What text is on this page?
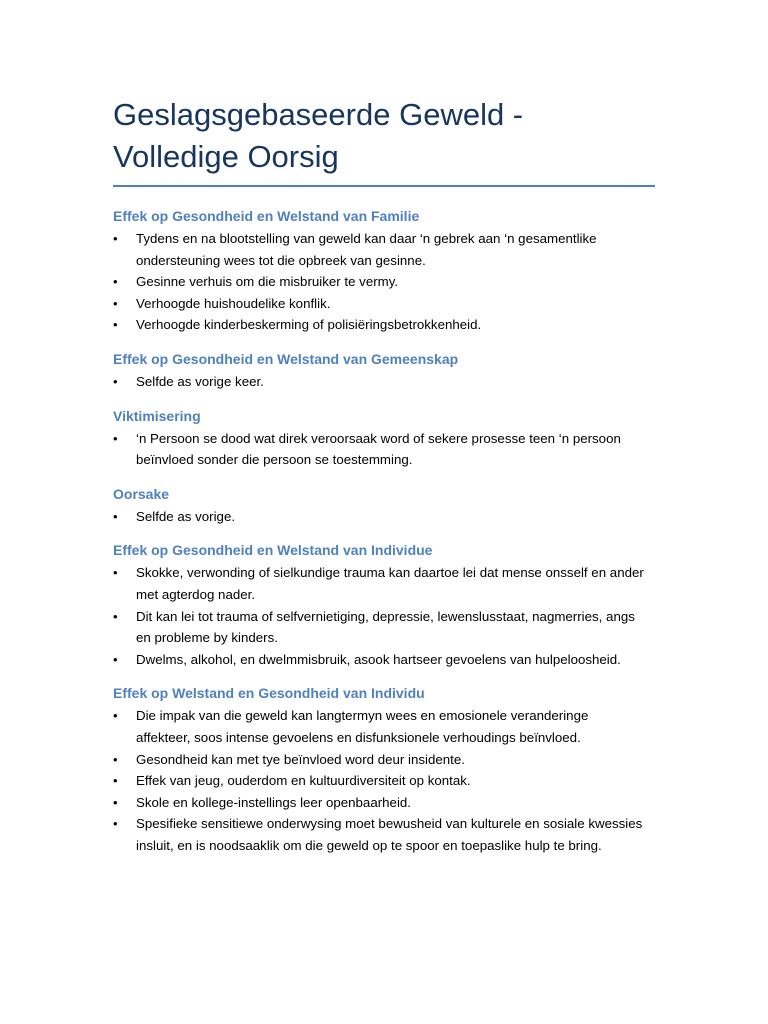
Geslagsgebaseerde Geweld - Volledige Oorsig
Effek op Gesondheid en Welstand van Familie
• Tydens en na blootstelling van geweld kan daar ‘n gebrek aan ‘n gesamentlike ondersteuning wees tot die opbreek van gesinne.
• Gesinne verhuis om die misbruiker te vermy.
• Verhoogde huishoudelike konflik.
• Verhoogde kinderbeskerming of polisiëringsbetrokkenheid.
Effek op Gesondheid en Welstand van Gemeenskap
• Selfde as vorige keer.
Viktimisering
• ‘n Persoon se dood wat direk veroorsaak word of sekere prosesse teen ‘n persoon beïnvloed sonder die persoon se toestemming.
Oorsake
• Selfde as vorige.
Effek op Gesondheid en Welstand van Individue
• Skokke, verwonding of sielkundige trauma kan daartoe lei dat mense onsself en ander met agterdog nader.
• Dit kan lei tot trauma of selfvernietiging, depressie, lewenslusstaat, nagmerries, angs en probleme by kinders.
• Dwelms, alkohol, en dwelmmisbruik, asook hartseer gevoelens van hulpeloosheid.
Effek op Welstand en Gesondheid van Individu
• Die impak van die geweld kan langtermyn wees en emosionele veranderinge affekteer, soos intense gevoelens en disfunksionele verhoudings beïnvloed.
• Gesondheid kan met tye beïnvloed word deur insidente.
• Effek van jeug, ouderdom en kultuurdiversiteit op kontak.
• Skole en kollege-instellings leer openbaarheid.
• Spesifieke sensitiewe onderwysing moet bewusheid van kulturele en sosiale kwessies insluit, en is noodsaaklik om die geweld op te spoor en toepaslike hulp te bring.
